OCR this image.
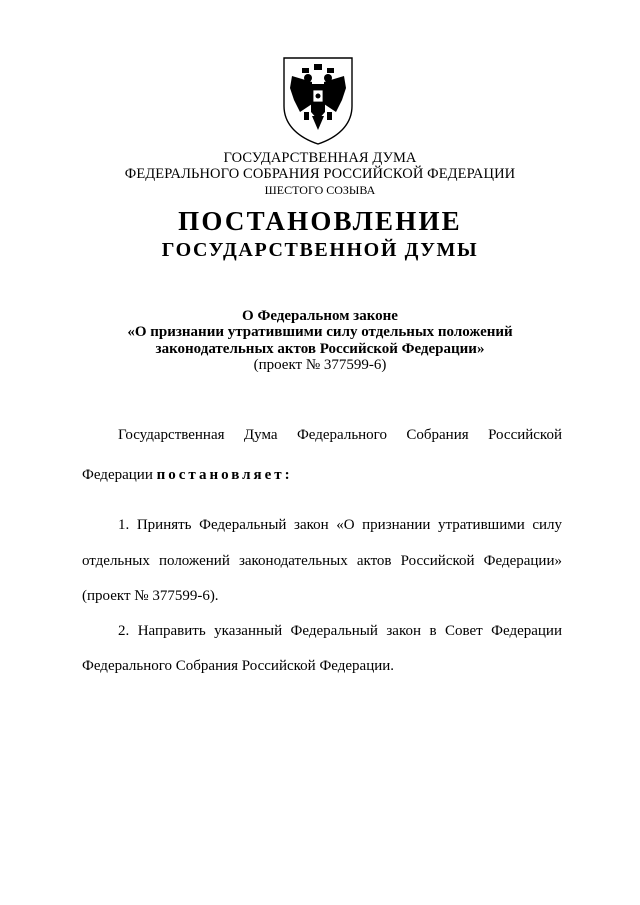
ГОСУДАРСТВЕННАЯ ДУМА
ФЕДЕРАЛЬНОГО СОБРАНИЯ РОССИЙСКОЙ ФЕДЕРАЦИИ
ШЕСТОГО СОЗЫВА
ПОСТАНОВЛЕНИЕ
ГОСУДАРСТВЕННОЙ ДУМЫ
О Федеральном законе
«О признании утратившими силу отдельных положений
законодательных актов Российской Федерации»
(проект № 377599-6)
Государственная Дума Федерального Собрания Российской
Федерации постановляет:
1. Принять Федеральный закон «О признании утратившими силу
отдельных положений законодательных актов Российской Федерации»
(проект № 377599-6).
2. Направить указанный Федеральный закон в Совет Федерации
Федерального Собрания Российской Федерации.
